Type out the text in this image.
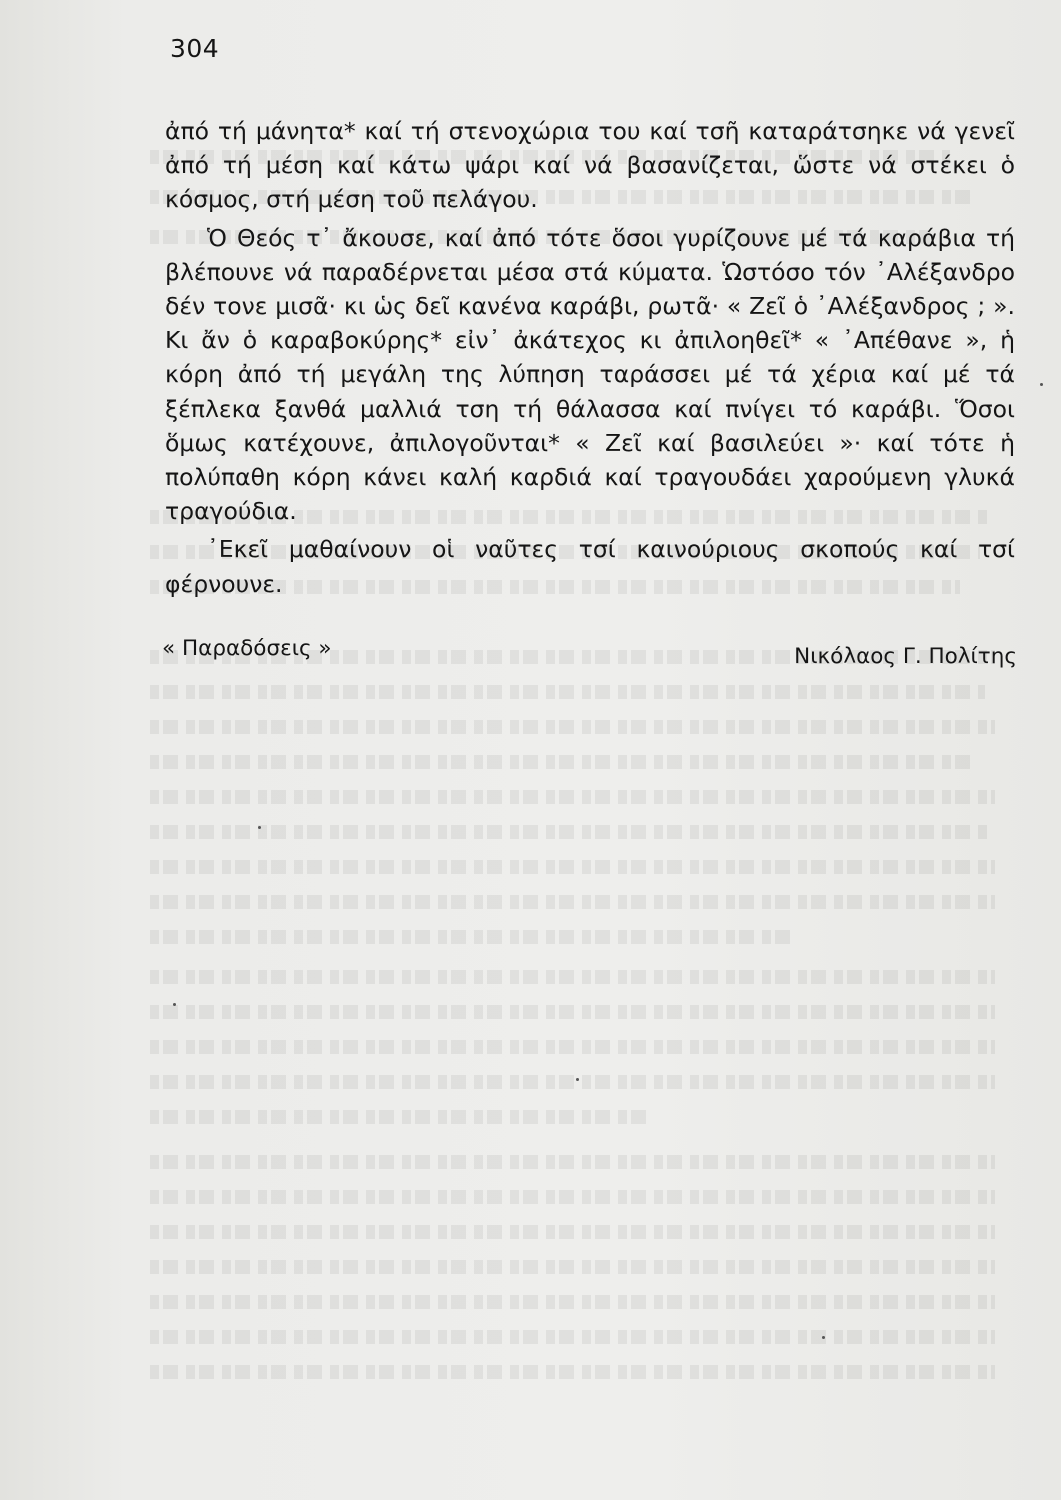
304

ἀπό τή μάνητα* καί τή στενοχώρια του καί τσῆ καταράτσηκε νά γενεῖ ἀπό τή μέση καί κάτω ψάρι καί νά βασανίζεται, ὥστε νά στέκει ὁ κόσμος, στή μέση τοῦ πελάγου.

Ὁ Θεός τ᾽ ἄκουσε, καί ἀπό τότε ὅσοι γυρίζουνε μέ τά καράβια τή βλέπουνε νά παραδέρνεται μέσα στά κύματα. Ὡστόσο τόν ᾽Αλέξανδρο δέν τονε μισᾶ· κι ὡς δεῖ κανένα καράβι, ρωτᾶ· « Ζεῖ ὁ ᾽Αλέξανδρος ; ». Κι ἄν ὁ καραβοκύρης* εἰν᾽ ἀκάτεχος κι ἀπιλοηθεῖ* « ᾽Απέθανε », ἡ κόρη ἀπό τή μεγάλη της λύπηση ταράσσει μέ τά χέρια καί μέ τά ξέπλεκα ξανθά μαλλιά τση τή θάλασσα καί πνίγει τό καράβι. Ὅσοι ὅμως κατέχουνε, ἀπιλογοῦνται* « Ζεῖ καί βασιλεύει »· καί τότε ἡ πολύπαθη κόρη κάνει καλή καρδιά καί τραγουδάει χαρούμενη γλυκά τραγούδια.

᾽Εκεῖ μαθαίνουν οἱ ναῦτες τσί καινούριους σκοπούς καί τσί φέρνουνε.

« Παραδόσεις »	Νικόλαος Γ. Πολίτης
